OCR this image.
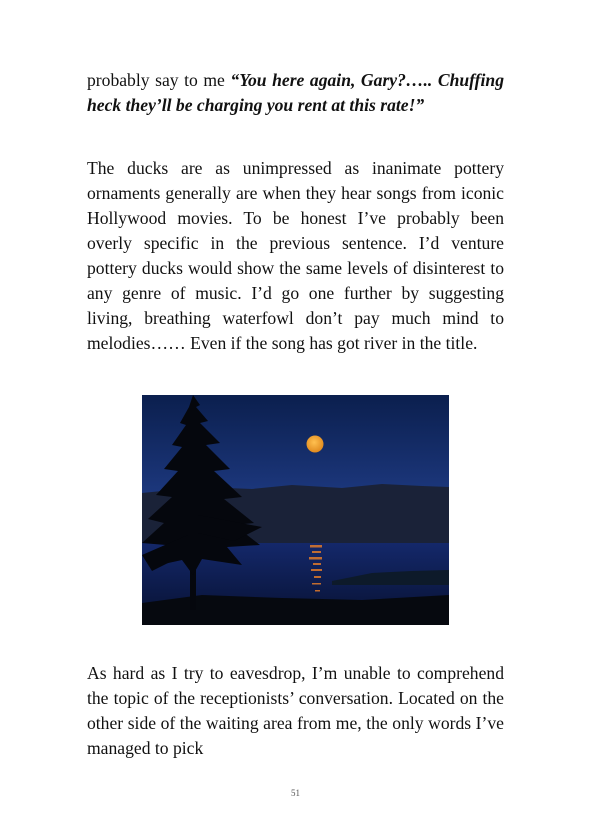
probably say to me “You here again, Gary?….. Chuffing heck they’ll be charging you rent at this rate!”

The ducks are as unimpressed as inanimate pottery ornaments generally are when they hear songs from iconic Hollywood movies. To be honest I’ve probably been overly specific in the previous sentence. I’d venture pottery ducks would show the same levels of disinterest to any genre of music. I’d go one further by suggesting living, breathing waterfowl don’t pay much mind to melodies…… Even if the song has got river in the title.

As hard as I try to eavesdrop, I’m unable to comprehend the topic of the receptionists’ conversation. Located on the other side of the waiting area from me, the only words I’ve managed to pick

51
